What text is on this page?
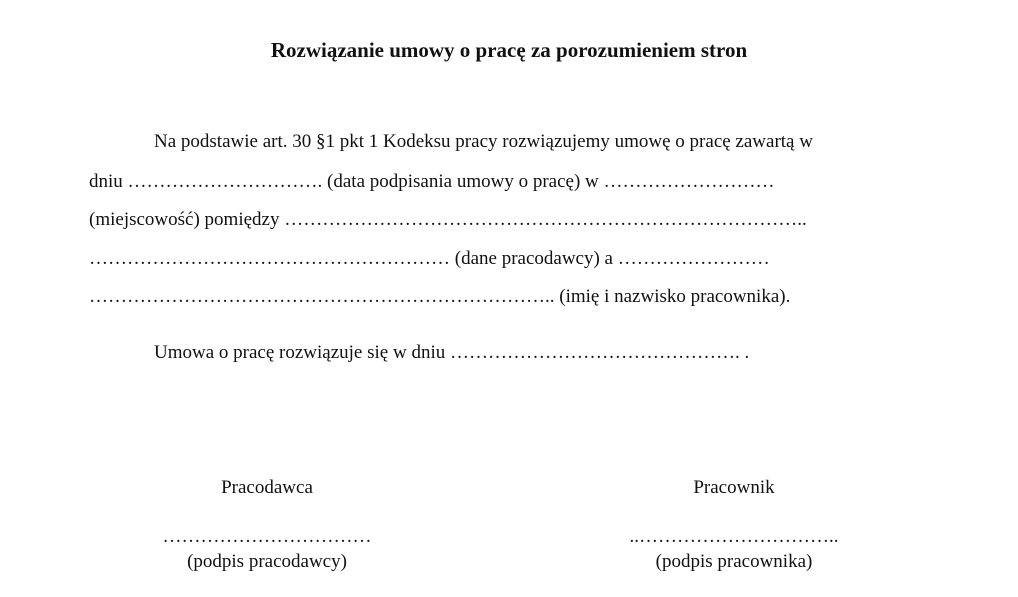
Rozwiązanie umowy o pracę za porozumieniem stron
Na podstawie art. 30 §1 pkt 1 Kodeksu pracy rozwiązujemy umowę o pracę zawartą w
dniu …………………………. (data podpisania umowy o pracę) w ………………………
(miejscowość) pomiędzy ………………………………………………………………………..
………………………………………………… (dane pracodawcy) a ……………………
……………………………………………………………….. (imię i nazwisko pracownika).
Umowa o pracę rozwiązuje się w dniu ………………………………………. .
Pracodawca
……………………………
(podpis pracodawcy)
Pracownik
..…………………………..
(podpis pracownika)
